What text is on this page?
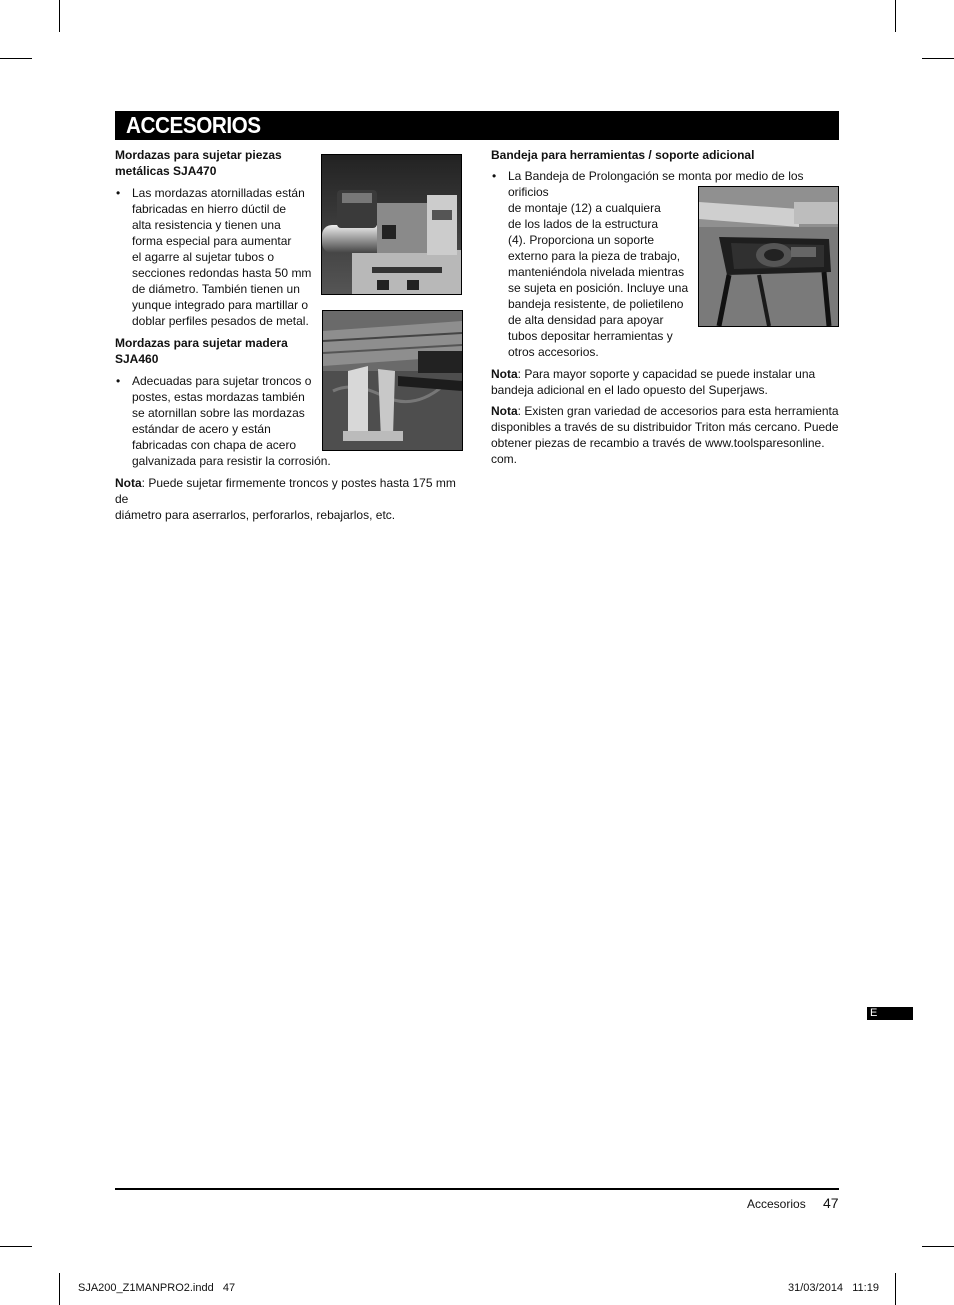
ACCESORIOS

Mordazas para sujetar piezas

metálicas SJA470

• Las mordazas atornilladas están

fabricadas en hierro dúctil de

alta resistencia y tienen una

forma especial para aumentar

el agarre al sujetar tubos o

secciones redondas hasta 50 mm

de diámetro. También tienen un

yunque integrado para martillar o

doblar perfiles pesados de metal.

Mordazas para sujetar madera

SJA460

• Adecuadas para sujetar troncos o

postes, estas mordazas también

se atornillan sobre las mordazas

estándar de acero y están

fabricadas con chapa de acero

galvanizada para resistir la corrosión.

Nota: Puede sujetar firmemente troncos y postes hasta 175 mm de

diámetro para aserrarlos, perforarlos, rebajarlos, etc.

Bandeja para herramientas / soporte adicional

• La Bandeja de Prolongación se monta por medio de los orificios

de montaje (12) a cualquiera

de los lados de la estructura

(4). Proporciona un soporte

externo para la pieza de trabajo,

manteniéndola nivelada mientras

se sujeta en posición. Incluye una

bandeja resistente, de polietileno

de alta densidad para apoyar

tubos depositar herramientas y

otros accesorios.

Nota: Para mayor soporte y capacidad se puede instalar una

bandeja adicional en el lado opuesto del Superjaws.

Nota: Existen gran variedad de accesorios para esta herramienta

disponibles a través de su distribuidor Triton más cercano. Puede

obtener piezas de recambio a través de www.toolsparesonline.

com.

E
Accesorios 47
SJA200_Z1MANPRO2.indd   47	31/03/2014   11:19
